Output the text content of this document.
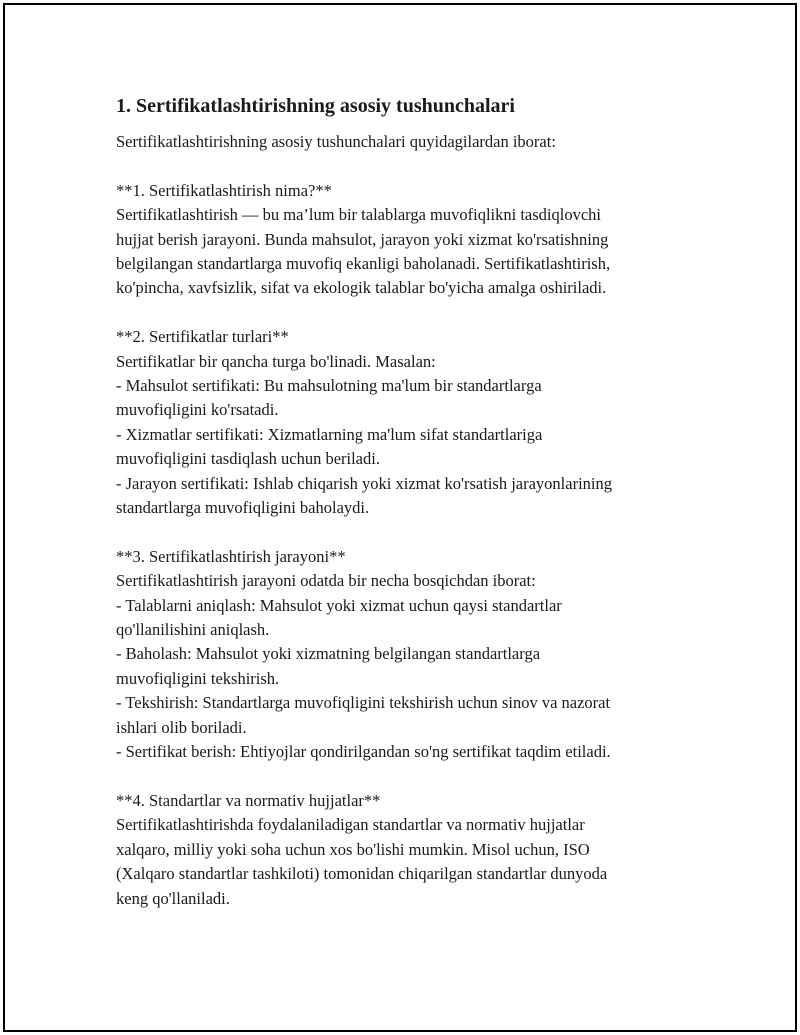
1. Sertifikatlashtirishning asosiy tushunchalari
Sertifikatlashtirishning asosiy tushunchalari quyidagilardan iborat:
**1. Sertifikatlashtirish nima?**
Sertifikatlashtirish — bu ma’lum bir talablarga muvofiqlikni tasdiqlovchi
hujjat berish jarayoni. Bunda mahsulot, jarayon yoki xizmat ko'rsatishning
belgilangan standartlarga muvofiq ekanligi baholanadi. Sertifikatlashtirish,
ko'pincha, xavfsizlik, sifat va ekologik talablar bo'yicha amalga oshiriladi.
**2. Sertifikatlar turlari**
Sertifikatlar bir qancha turga bo'linadi. Masalan:
- Mahsulot sertifikati: Bu mahsulotning ma'lum bir standartlarga
muvofiqligini ko'rsatadi.
- Xizmatlar sertifikati: Xizmatlarning ma'lum sifat standartlariga
muvofiqligini tasdiqlash uchun beriladi.
- Jarayon sertifikati: Ishlab chiqarish yoki xizmat ko'rsatish jarayonlarining
standartlarga muvofiqligini baholaydi.
**3. Sertifikatlashtirish jarayoni**
Sertifikatlashtirish jarayoni odatda bir necha bosqichdan iborat:
- Talablarni aniqlash: Mahsulot yoki xizmat uchun qaysi standartlar
qo'llanilishini aniqlash.
- Baholash: Mahsulot yoki xizmatning belgilangan standartlarga
muvofiqligini tekshirish.
- Tekshirish: Standartlarga muvofiqligini tekshirish uchun sinov va nazorat
ishlari olib boriladi.
- Sertifikat berish: Ehtiyojlar qondirilgandan so'ng sertifikat taqdim etiladi.
**4. Standartlar va normativ hujjatlar**
Sertifikatlashtirishda foydalaniladigan standartlar va normativ hujjatlar
xalqaro, milliy yoki soha uchun xos bo'lishi mumkin. Misol uchun, ISO
(Xalqaro standartlar tashkiloti) tomonidan chiqarilgan standartlar dunyoda
keng qo'llaniladi.
